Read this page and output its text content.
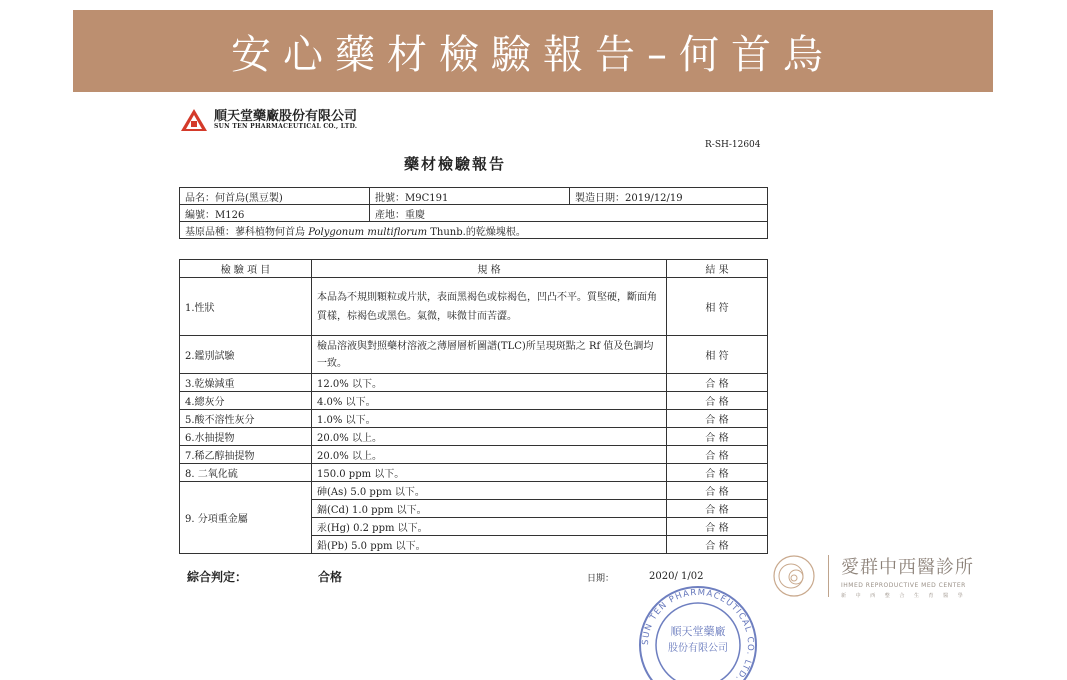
安心藥材檢驗報告–何首烏
順天堂藥廠股份有限公司
SUN TEN PHARMACEUTICAL CO., LTD.
R-SH-12604
藥材檢驗報告
品名：何首烏(黑豆製)	批號：M9C191	製造日期：2019/12/19
編號：M126	產地：重慶	
基原品種：蓼科植物何首烏 Polygonum multiflorum Thunb.的乾燥塊根。		
檢 驗 項 目	規 格	結 果
1.性狀	本品為不規則顆粒或片狀，表面黑褐色或棕褐色，凹凸不平。質堅硬，斷面角質樣，棕褐色或黑色。氣微，味微甘而苦澀。	相 符
2.鑑別試驗	檢品溶液與對照藥材溶液之薄層層析圖譜(TLC)所呈現斑點之 Rf 值及色調均一致。	相 符
3.乾燥減重	12.0% 以下。	合 格
4.總灰分	4.0% 以下。	合 格
5.酸不溶性灰分	1.0% 以下。	合 格
6.水抽提物	20.0% 以上。	合 格
7.稀乙醇抽提物	20.0% 以上。	合 格
8. 二氧化硫	150.0 ppm 以下。	合 格
9. 分項重金屬	砷(As) 5.0 ppm 以下。	合 格
	鎘(Cd) 1.0 ppm 以下。	合 格
	汞(Hg) 0.2 ppm 以下。	合 格
	鉛(Pb) 5.0 ppm 以下。	合 格
綜合判定：	合格	日期：	2020/ 1/02
SUN TEN PHARMACEUTICAL CO. LTD.
順天堂藥廠
股份有限公司
愛群中西醫診所
IHMED REPRODUCTIVE MED CENTER
新 中 西 整 合 生 育 醫 學
